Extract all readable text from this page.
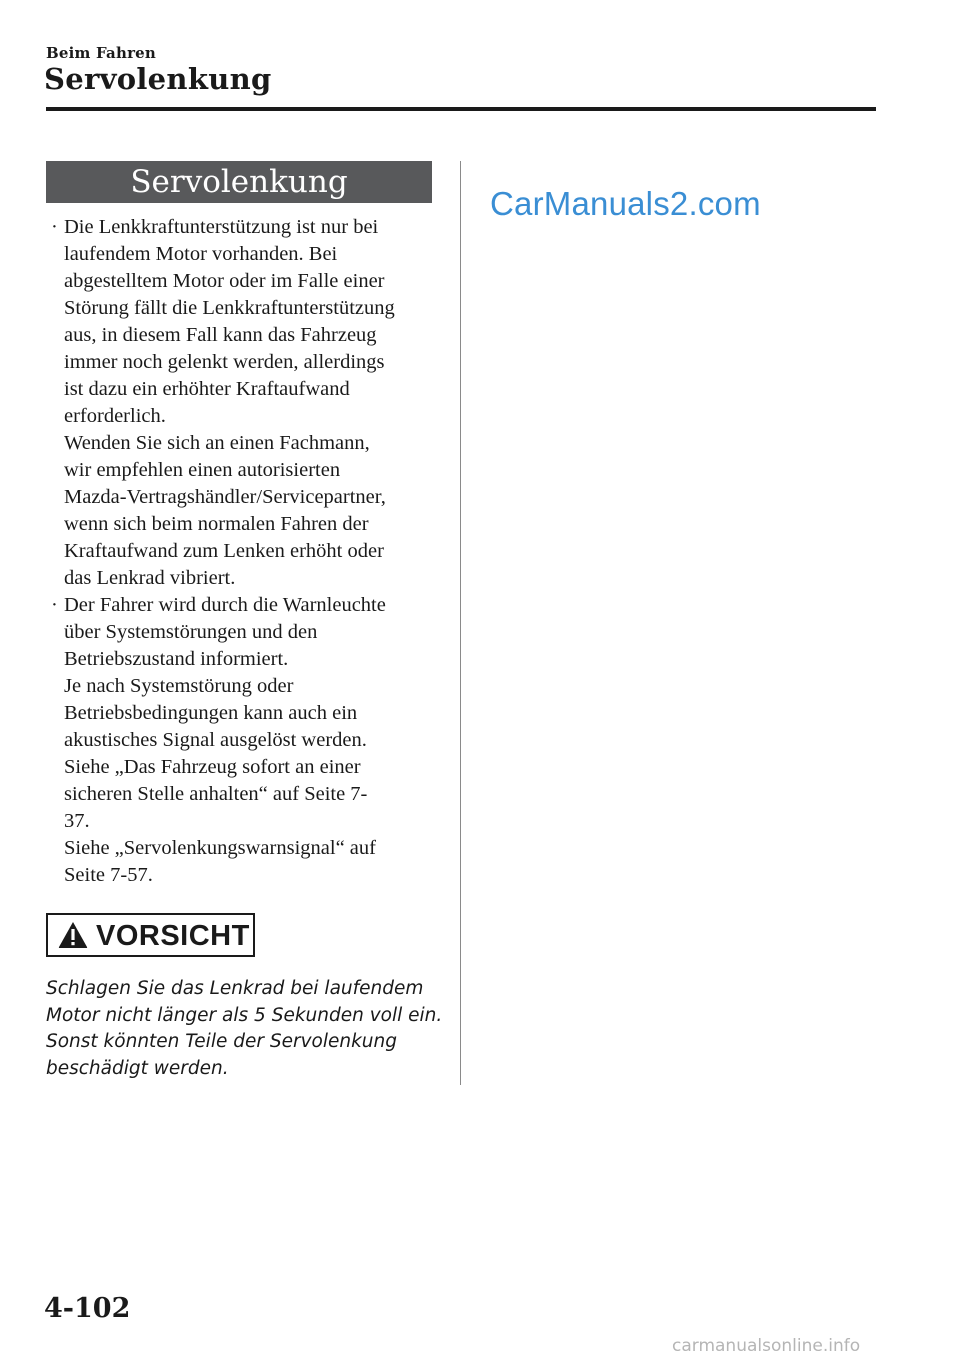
Beim Fahren
Servolenkung
Servolenkung
· Die Lenkkraftunterstützung ist nur bei
laufendem Motor vorhanden. Bei
abgestelltem Motor oder im Falle einer
Störung fällt die Lenkkraftunterstützung
aus, in diesem Fall kann das Fahrzeug
immer noch gelenkt werden, allerdings
ist dazu ein erhöhter Kraftaufwand
erforderlich.
Wenden Sie sich an einen Fachmann,
wir empfehlen einen autorisierten
Mazda-Vertragshändler/Servicepartner,
wenn sich beim normalen Fahren der
Kraftaufwand zum Lenken erhöht oder
das Lenkrad vibriert.
· Der Fahrer wird durch die Warnleuchte
über Systemstörungen und den
Betriebszustand informiert.
Je nach Systemstörung oder
Betriebsbedingungen kann auch ein
akustisches Signal ausgelöst werden.
Siehe „Das Fahrzeug sofort an einer
sicheren Stelle anhalten“ auf Seite 7-
37.
Siehe „Servolenkungswarnsignal“ auf
Seite 7-57.
VORSICHT
Schlagen Sie das Lenkrad bei laufendem
Motor nicht länger als 5 Sekunden voll ein.
Sonst könnten Teile der Servolenkung
beschädigt werden.
CarManuals2.com
4-102
carmanualsonline.info
